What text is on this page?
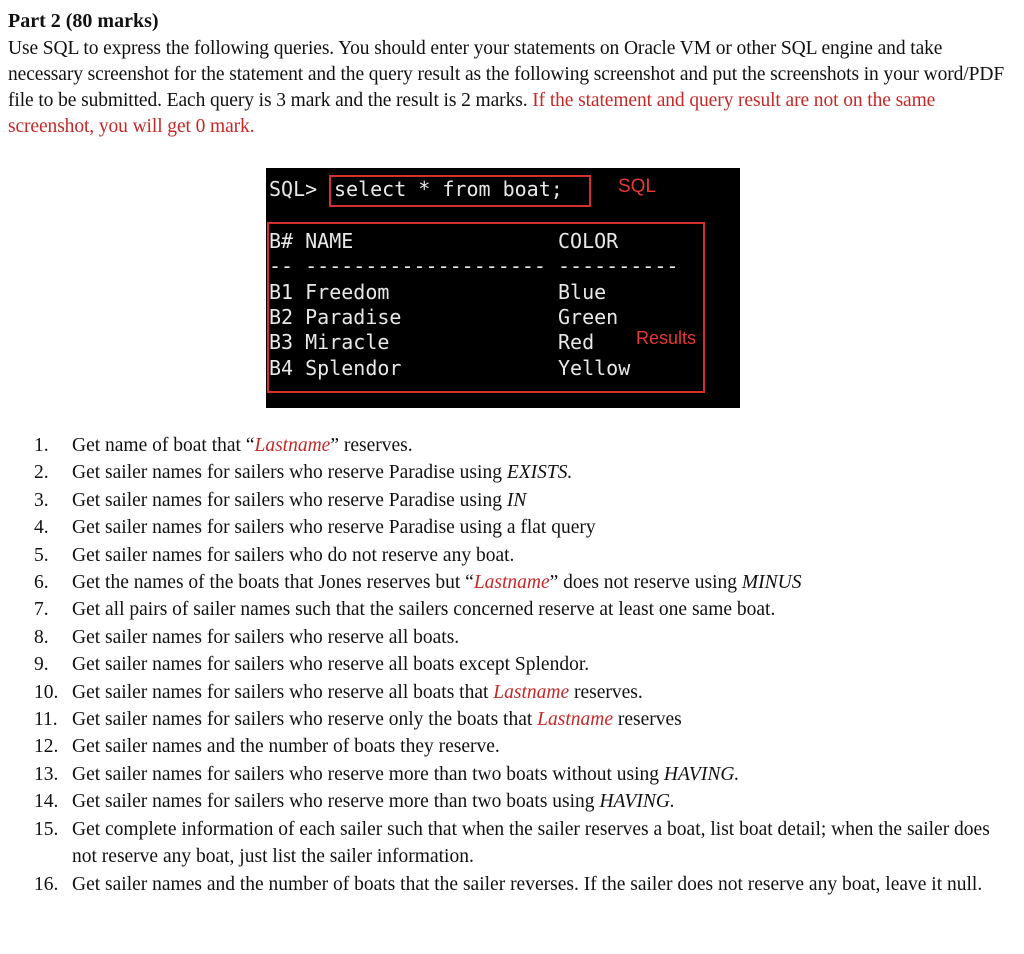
Part 2 (80 marks)

Use SQL to express the following queries. You should enter your statements on Oracle VM or other SQL engine and take necessary screenshot for the statement and the query result as the following screenshot and put the screenshots in your word/PDF file to be submitted. Each query is 3 mark and the result is 2 marks. If the statement and query result are not on the same screenshot, you will get 0 mark.

SQL> select * from boat;	SQL
B# NAME                 COLOR
-- -------------------- ----------
B1 Freedom              Blue
B2 Paradise             Green
B3 Miracle              Red
B4 Splendor             Yellow
Results
1.	Get name of boat that “Lastname” reserves.
2.	Get sailer names for sailers who reserve Paradise using EXISTS.
3.	Get sailer names for sailers who reserve Paradise using IN
4.	Get sailer names for sailers who reserve Paradise using a flat query
5.	Get sailer names for sailers who do not reserve any boat.
6.	Get the names of the boats that Jones reserves but “Lastname” does not reserve using MINUS
7.	Get all pairs of sailer names such that the sailers concerned reserve at least one same boat.
8.	Get sailer names for sailers who reserve all boats.
9.	Get sailer names for sailers who reserve all boats except Splendor.
10. Get sailer names for sailers who reserve all boats that Lastname reserves.
11. Get sailer names for sailers who reserve only the boats that Lastname reserves
12. Get sailer names and the number of boats they reserve.
13. Get sailer names for sailers who reserve more than two boats without using HAVING.
14. Get sailer names for sailers who reserve more than two boats using HAVING.
15. Get complete information of each sailer such that when the sailer reserves a boat, list boat detail; when the sailer does not reserve any boat, just list the sailer information.
16. Get sailer names and the number of boats that the sailer reverses. If the sailer does not reserve any boat, leave it null.
